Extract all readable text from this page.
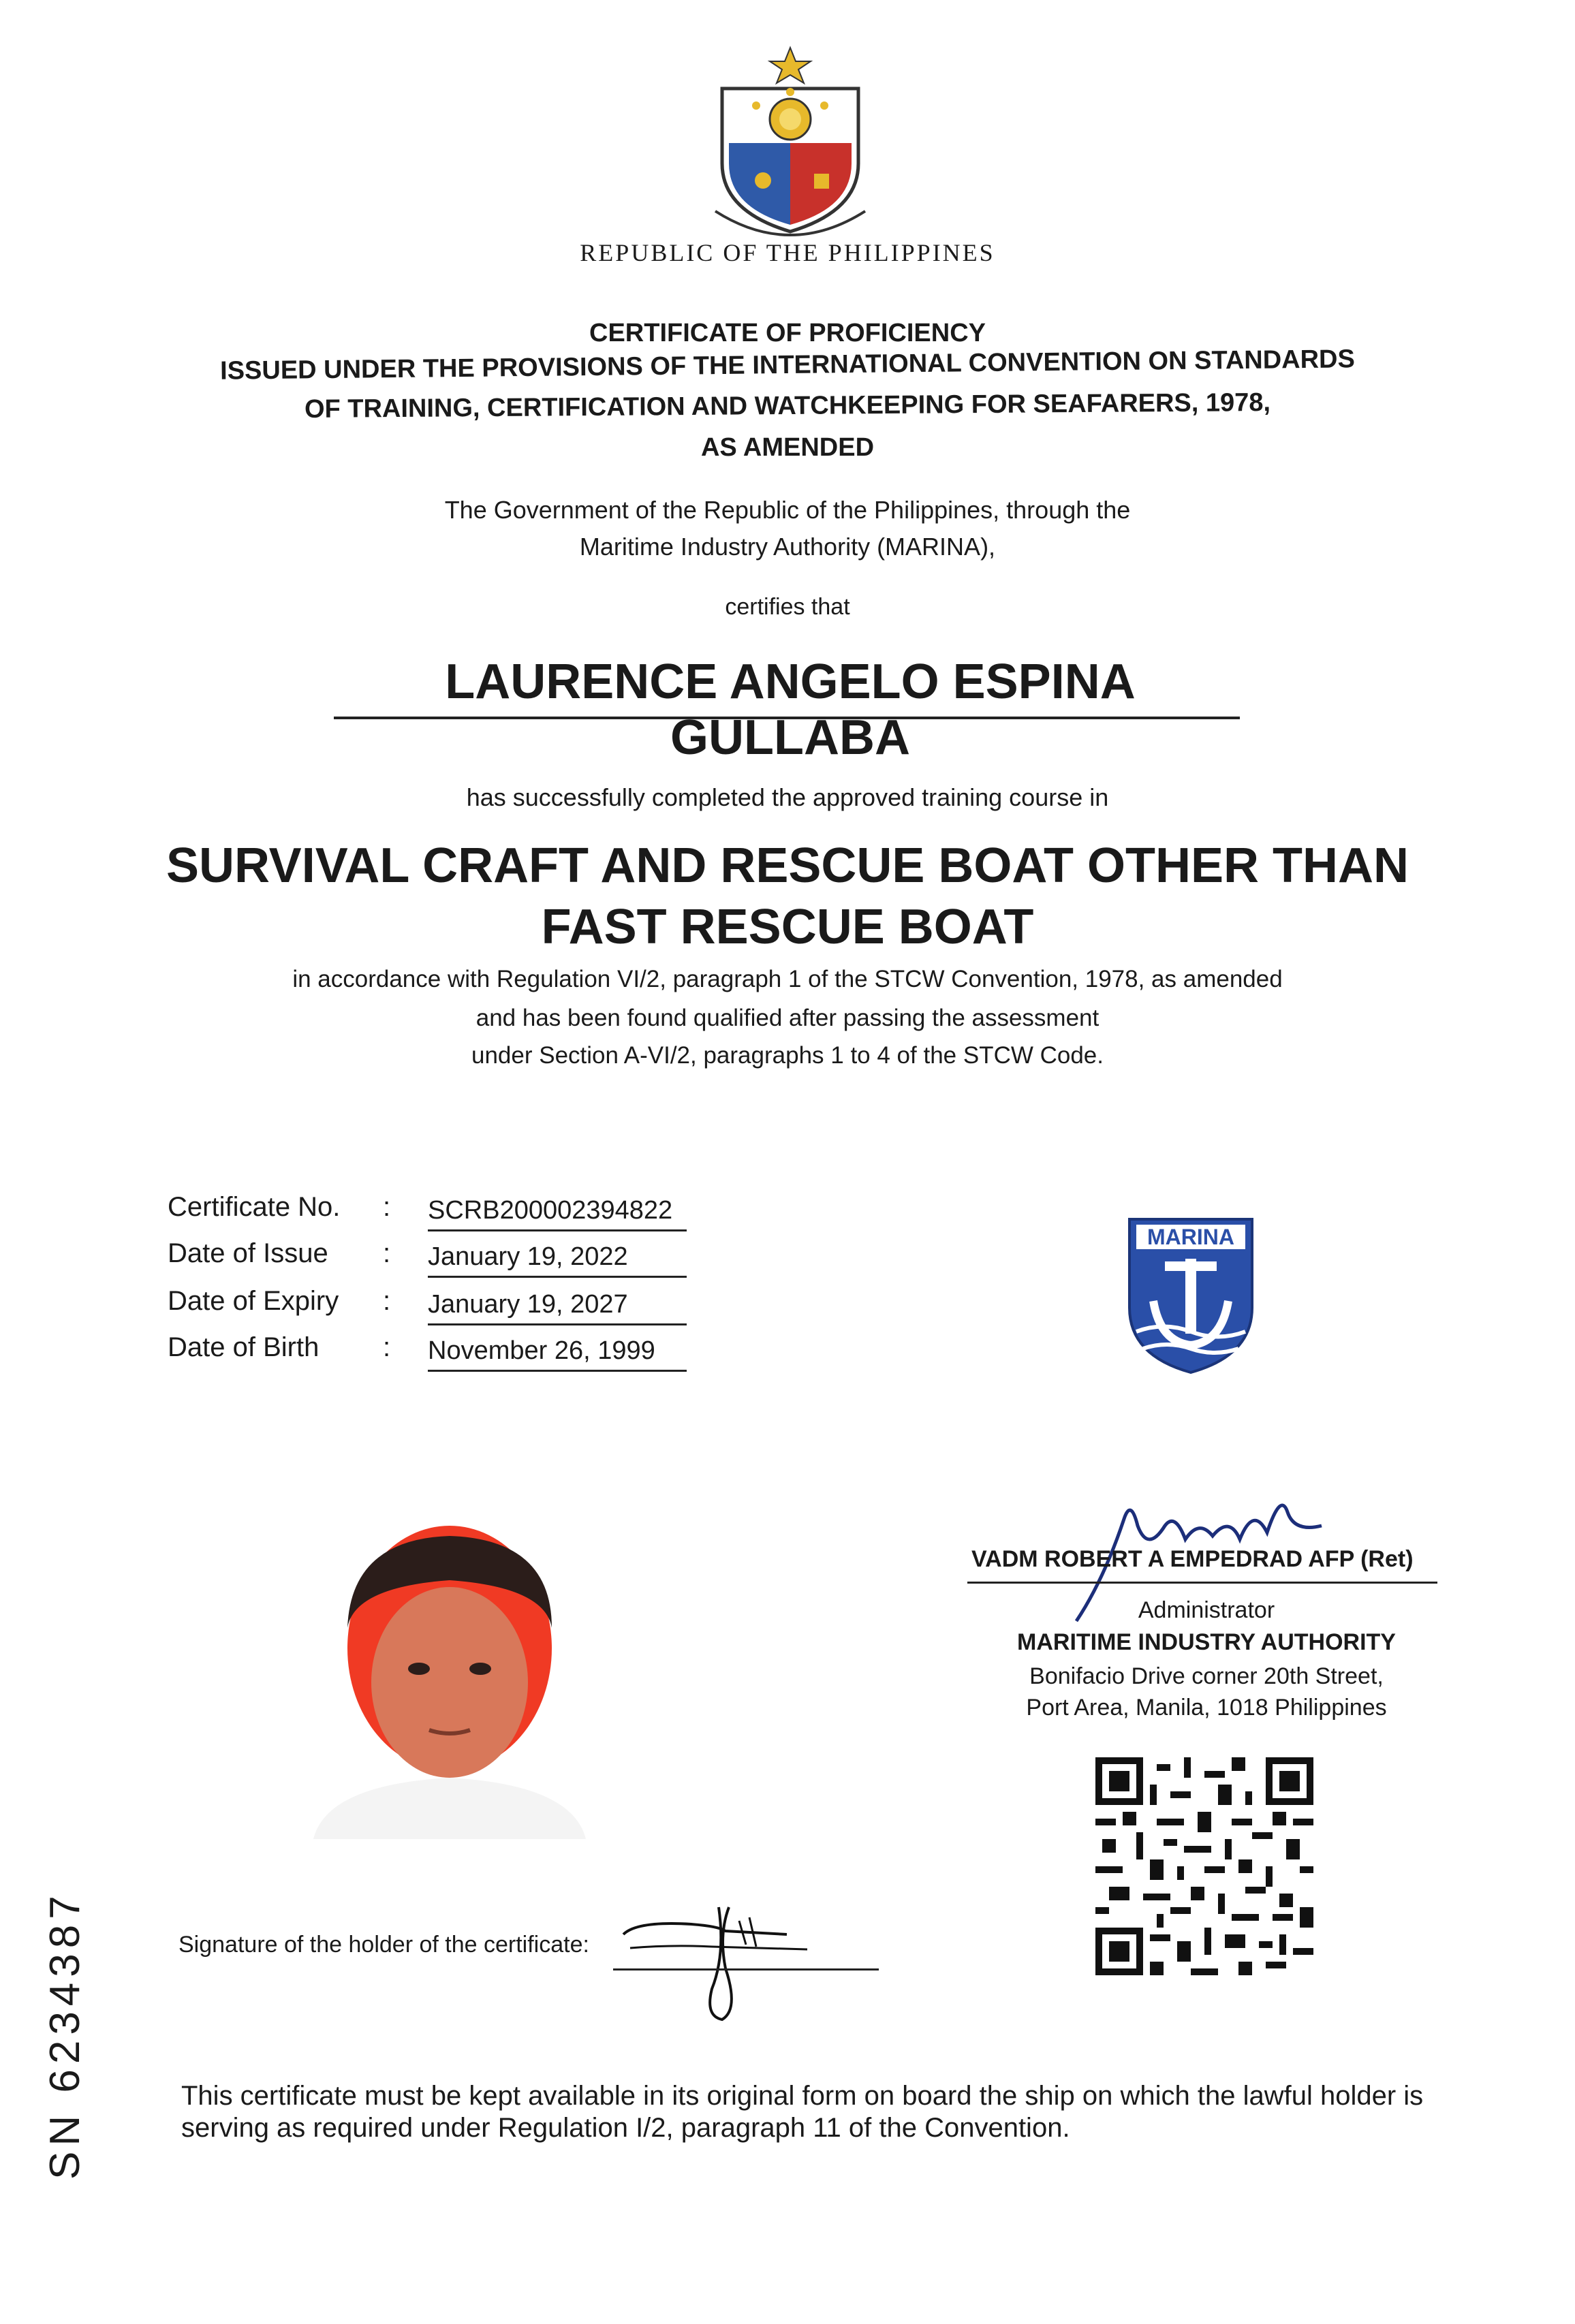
REPUBLIC OF THE PHILIPPINES
CERTIFICATE OF PROFICIENCY
ISSUED UNDER THE PROVISIONS OF THE INTERNATIONAL CONVENTION ON STANDARDS
OF TRAINING, CERTIFICATION AND WATCHKEEPING FOR SEAFARERS, 1978,
AS AMENDED
The Government of the Republic of the Philippines, through the
Maritime Industry Authority (MARINA),
certifies that
LAURENCE ANGELO ESPINA GULLABA
has successfully completed the approved training course in
SURVIVAL CRAFT AND RESCUE BOAT OTHER THAN
FAST RESCUE BOAT
in accordance with Regulation VI/2, paragraph 1 of the STCW Convention, 1978, as amended
and has been found qualified after passing the assessment
under Section A-VI/2, paragraphs 1 to 4 of the STCW Code.
Certificate No. : SCRB200002394822
Date of Issue : January 19, 2022
Date of Expiry : January 19, 2027
Date of Birth : November 26, 1999
MARINA
VADM ROBERT A EMPEDRAD AFP (Ret)
Administrator
MARITIME INDUSTRY AUTHORITY
Bonifacio Drive corner 20th Street,
Port Area, Manila, 1018 Philippines
Signature of the holder of the certificate:
This certificate must be kept available in its original form on board the ship on which the lawful holder is
serving as required under Regulation I/2, paragraph 11 of the Convention.
SN 6234387
